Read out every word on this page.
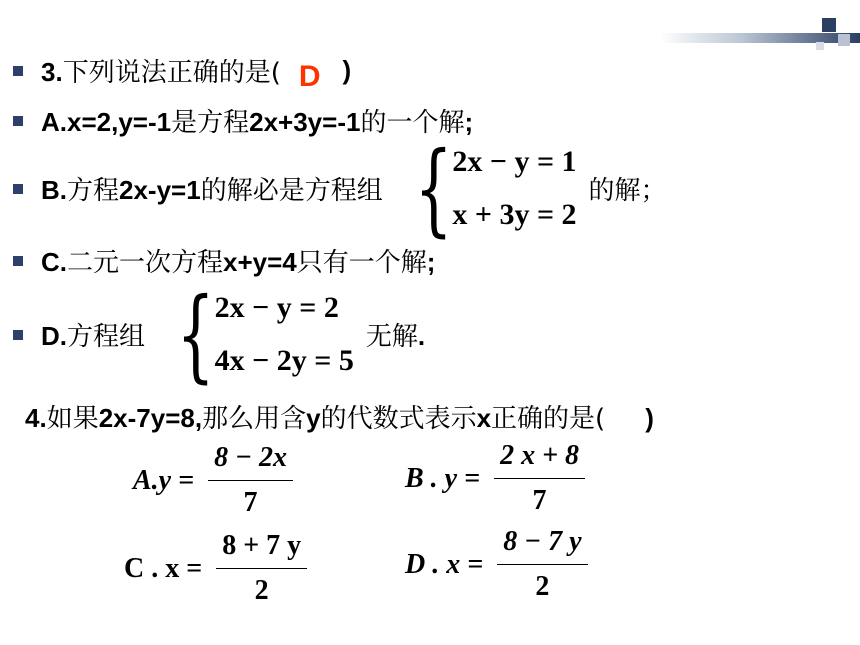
3.下列说法正确的是( D )
A.x=2,y=-1是方程2x+3y=-1的一个解;
B.方程2x-y=1的解必是方程组 { 2x − y = 1
x + 3y = 2
的解；
C.二元一次方程x+y=4只有一个解;
D.方程组 { 2x − y = 2
4x − 2y = 5
无解.
4.如果2x-7y=8,那么用含y的代数式表示x正确的是( )
$A.y = \frac{8 - 2x}{7}$	B . $y = \frac{2 x + 8}{7}$
C . $x = \frac{8 + 7 y}{2}$	D . $x = \frac{8 - 7 y}{2}$
